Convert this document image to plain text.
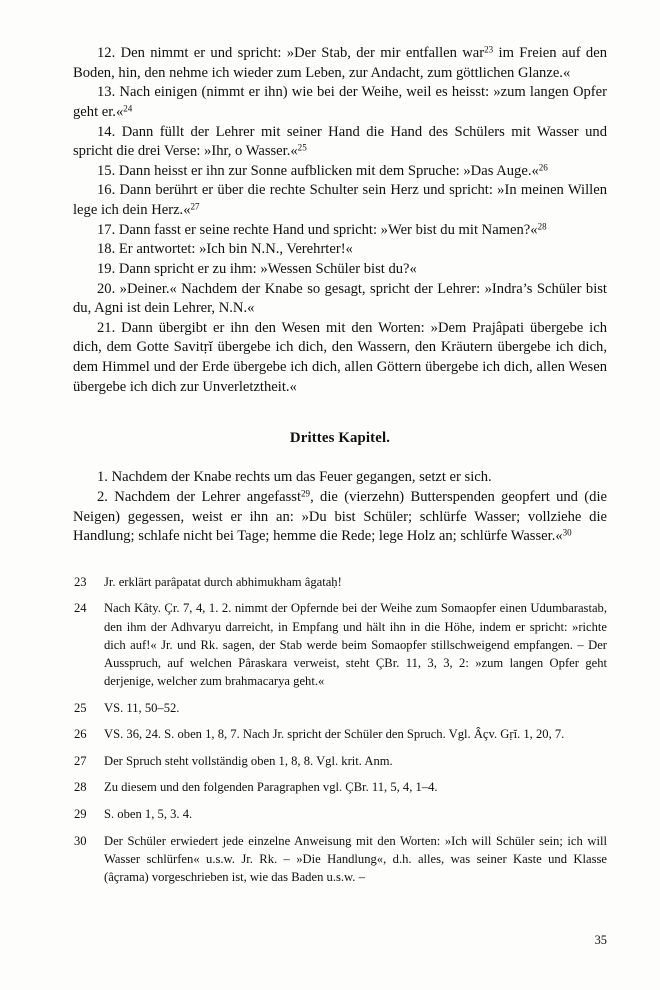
12. Den nimmt er und spricht: »Der Stab, der mir entfallen war$^{23}$ im Freien auf den Boden, hin, den nehme ich wieder zum Leben, zur Andacht, zum göttlichen Glanze.«

13. Nach einigen (nimmt er ihn) wie bei der Weihe, weil es heisst: »zum langen Opfer geht er.«$^{24}$

14. Dann füllt der Lehrer mit seiner Hand die Hand des Schülers mit Wasser und spricht die drei Verse: »Ihr, o Wasser.«$^{25}$

15. Dann heisst er ihn zur Sonne aufblicken mit dem Spruche: »Das Auge.«$^{26}$

16. Dann berührt er über die rechte Schulter sein Herz und spricht: »In meinen Willen lege ich dein Herz.«$^{27}$

17. Dann fasst er seine rechte Hand und spricht: »Wer bist du mit Namen?«$^{28}$

18. Er antwortet: »Ich bin N.N., Verehrter!«

19. Dann spricht er zu ihm: »Wessen Schüler bist du?«

20. »Deiner.« Nachdem der Knabe so gesagt, spricht der Lehrer: »Indra’s Schüler bist du, Agni ist dein Lehrer, N.N.«

21. Dann übergibt er ihn den Wesen mit den Worten: »Dem Prajâpati übergebe ich dich, dem Gotte Savitṛĭ übergebe ich dich, den Wassern, den Kräutern übergebe ich dich, dem Himmel und der Erde übergebe ich dich, allen Göttern übergebe ich dich, allen Wesen übergebe ich dich zur Unverletztheit.«

Drittes Kapitel.

1. Nachdem der Knabe rechts um das Feuer gegangen, setzt er sich.

2. Nachdem der Lehrer angefasst$^{29}$, die (vierzehn) Butterspenden geopfert und (die Neigen) gegessen, weist er ihn an: »Du bist Schüler; schlürfe Wasser; vollziehe die Handlung; schlafe nicht bei Tage; hemme die Rede; lege Holz an; schlürfe Wasser.«$^{30}$

23	Jr. erklärt parâpatat durch abhimukham âgataḥ!
24	Nach Kâty. Çr. 7, 4, 1. 2. nimmt der Opfernde bei der Weihe zum Somaopfer einen Udumbarastab, den ihm der Adhvaryu darreicht, in Empfang und hält ihn in die Höhe, indem er spricht: »richte dich auf!« Jr. und Rk. sagen, der Stab werde beim Somaopfer stillschweigend empfangen. – Der Ausspruch, auf welchen Pâraskara verweist, steht ÇBr. 11, 3, 3, 2: »zum langen Opfer geht derjenige, welcher zum brahmacarya geht.«
25	VS. 11, 50–52.
26	VS. 36, 24. S. oben 1, 8, 7. Nach Jr. spricht der Schüler den Spruch. Vgl. Âçv. Gṛĭ. 1, 20, 7.
27	Der Spruch steht vollständig oben 1, 8, 8. Vgl. krit. Anm.
28	Zu diesem und den folgenden Paragraphen vgl. ÇBr. 11, 5, 4, 1–4.
29	S. oben 1, 5, 3. 4.
30	Der Schüler erwiedert jede einzelne Anweisung mit den Worten: »Ich will Schüler sein; ich will Wasser schlürfen« u.s.w. Jr. Rk. – »Die Handlung«, d.h. alles, was seiner Kaste und Klasse (âçrama) vorgeschrieben ist, wie das Baden u.s.w. –
35
